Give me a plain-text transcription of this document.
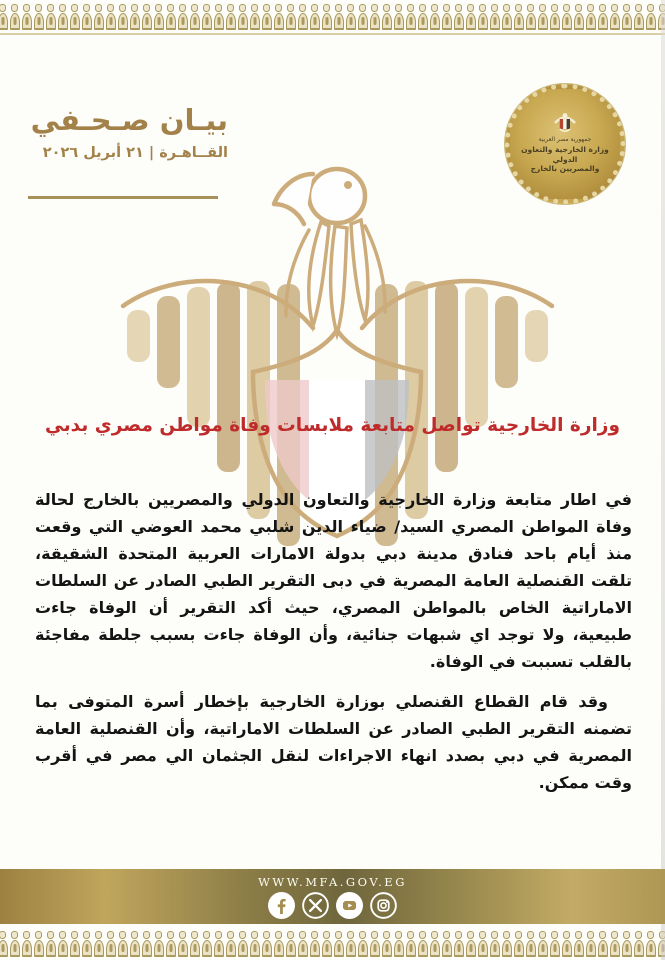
بيـان صـحـفي
القــاهـرة | ٢١ أبريل ٢٠٢٦
جمهورية مصر العربية
وزارة الخارجية والتعاون الدولي
والمصريين بالخارج
وزارة الخارجية تواصل متابعة ملابسات وفاة مواطن مصري بدبي

في اطار متابعة وزارة الخارجية والتعاون الدولي والمصريين بالخارج لحالة وفاة المواطن المصري السيد/ ضياء الدين شلبي محمد العوضي التي وقعت منذ أيام باحد فنادق مدينة دبي بدولة الامارات العربية المتحدة الشقيقة، تلقت القنصلية العامة المصرية في دبى التقرير الطبي الصادر عن السلطات الاماراتية الخاص بالمواطن المصري، حيث أكد التقرير أن الوفاة جاءت طبيعية، ولا توجد اي شبهات جنائية، وأن الوفاة جاءت بسبب جلطة مفاجئة بالقلب تسببت في الوفاة.

وقد قام القطاع القنصلي بوزارة الخارجية بإخطار أسرة المتوفى بما تضمنه التقرير الطبي الصادر عن السلطات الاماراتية، وأن القنصلية العامة المصرية في دبي بصدد انهاء الاجراءات لنقل الجثمان الي مصر في أقرب وقت ممكن.

WWW.MFA.GOV.EG
